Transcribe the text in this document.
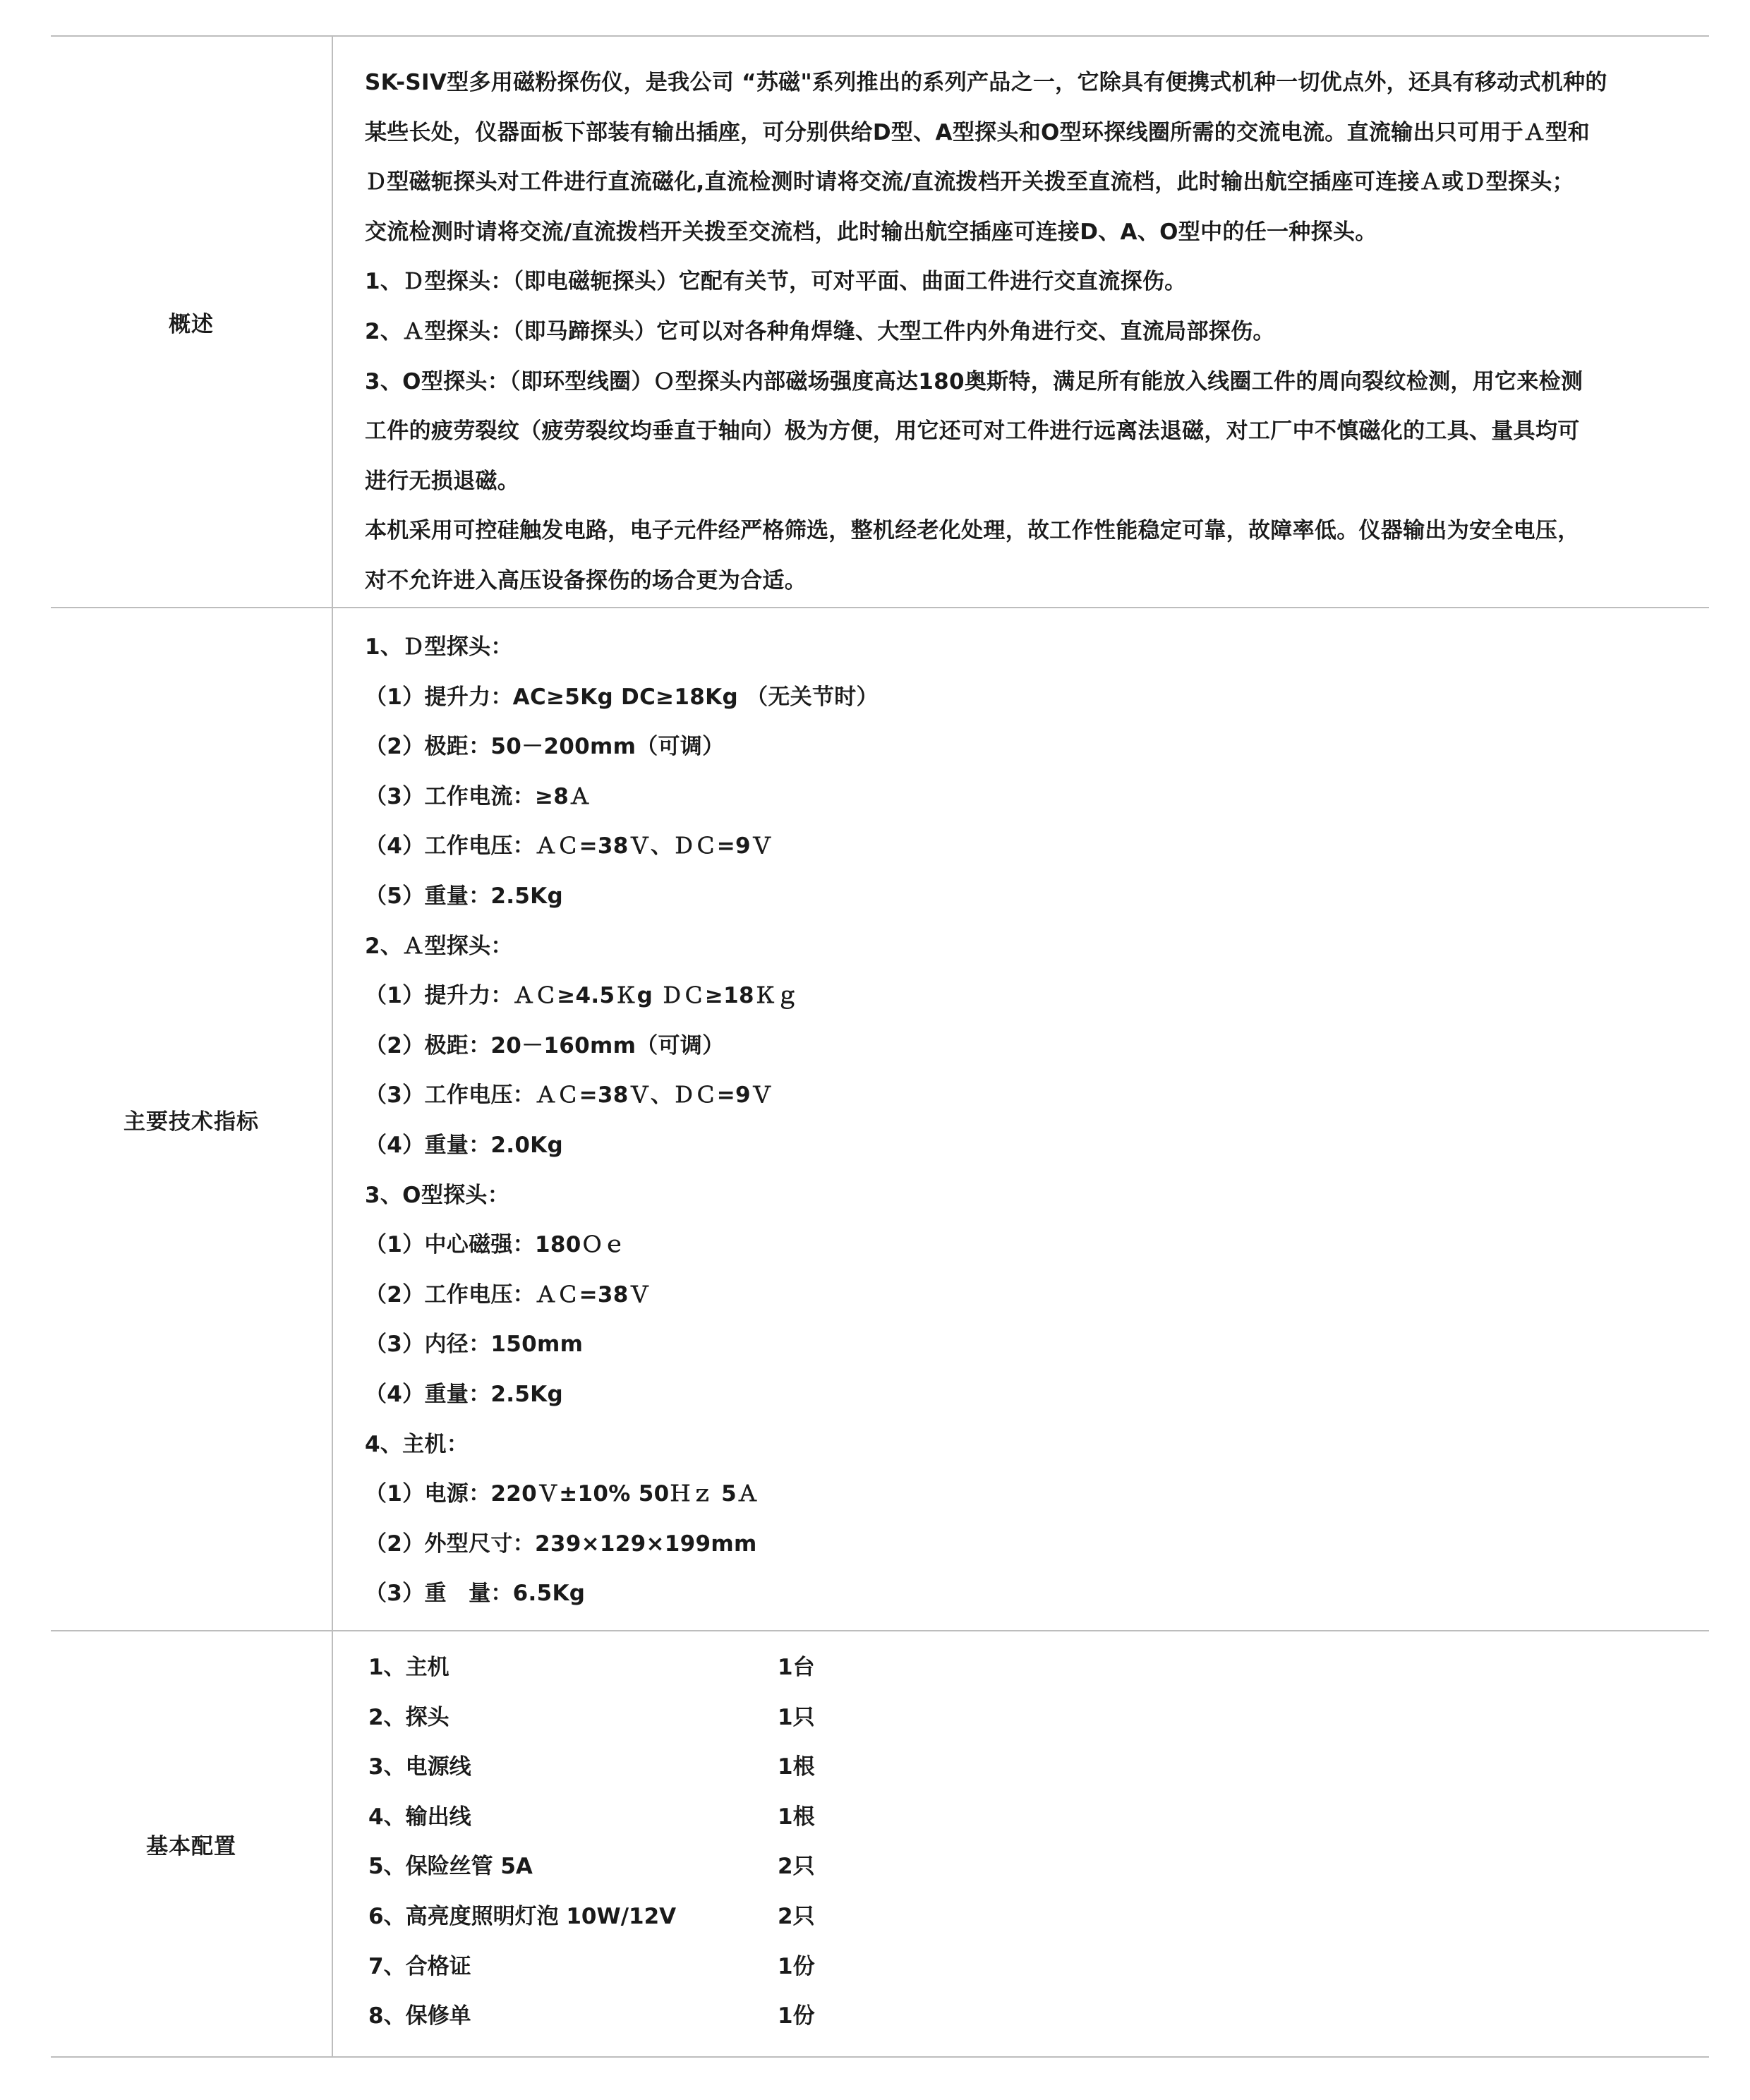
概述
SK-SIV型多用磁粉探伤仪，是我公司 “苏磁"系列推出的系列产品之一，它除具有便携式机种一切优点外，还具有移动式机种的
某些长处，仪器面板下部装有输出插座，可分别供给D型、A型探头和O型环探线圈所需的交流电流。直流输出只可用于Ａ型和
Ｄ型磁轭探头对工件进行直流磁化,直流检测时请将交流/直流拨档开关拨至直流档，此时输出航空插座可连接Ａ或Ｄ型探头；
交流检测时请将交流/直流拨档开关拨至交流档，此时输出航空插座可连接D、A、O型中的任一种探头。
1、Ｄ型探头：（即电磁轭探头）它配有关节，可对平面、曲面工件进行交直流探伤。
2、Ａ型探头：（即马蹄探头）它可以对各种角焊缝、大型工件内外角进行交、直流局部探伤。
3、O型探头：（即环型线圈）Ｏ型探头内部磁场强度高达180奥斯特，满足所有能放入线圈工件的周向裂纹检测，用它来检测
工件的疲劳裂纹（疲劳裂纹均垂直于轴向）极为方便，用它还可对工件进行远离法退磁，对工厂中不慎磁化的工具、量具均可
进行无损退磁。
本机采用可控硅触发电路，电子元件经严格筛选，整机经老化处理，故工作性能稳定可靠，故障率低。仪器输出为安全电压，
对不允许进入高压设备探伤的场合更为合适。
主要技术指标
1、Ｄ型探头：
（1）提升力：AC≥5Kg DC≥18Kg （无关节时）
（2）极距：50－200mm（可调）
（3）工作电流：≥8Ａ
（4）工作电压：ＡＣ=38Ｖ、ＤＣ=9Ｖ
（5）重量：2.5Kg
2、Ａ型探头：
（1）提升力：ＡＣ≥4.5Ｋg ＤＣ≥18Ｋｇ
（2）极距：20－160mm（可调）
（3）工作电压：ＡＣ=38Ｖ、ＤＣ=9Ｖ
（4）重量：2.0Kg
3、O型探头：
（1）中心磁强：180Ｏｅ
（2）工作电压：ＡＣ=38Ｖ
（3）内径：150mm
（4）重量：2.5Kg
4、主机：
（1）电源：220Ｖ±10% 50Ｈｚ 5Ａ
（2）外型尺寸：239×129×199mm
（3）重　量：6.5Kg
基本配置
1、主机	1台
2、探头	1只
3、电源线	1根
4、输出线	1根
5、保险丝管 5A	2只
6、高亮度照明灯泡 10W/12V	2只
7、合格证	1份
8、保修单	1份
